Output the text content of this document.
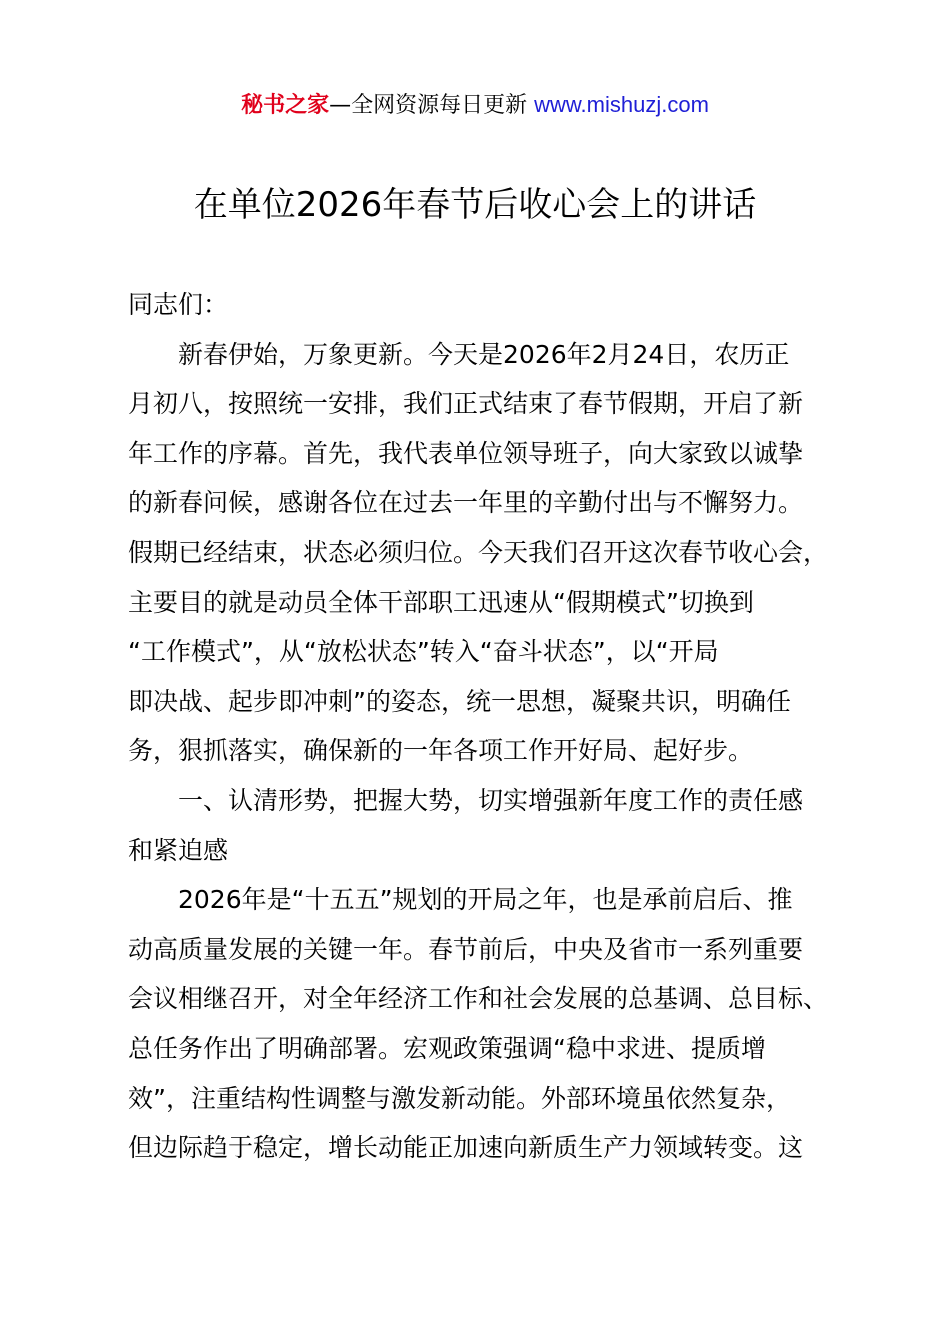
秘书之家—全网资源每日更新 www.mishuzj.com
在单位2026年春节后收心会上的讲话
同志们：
新春伊始，万象更新。今天是2026年2月24日，农历正
月初八，按照统一安排，我们正式结束了春节假期，开启了新
年工作的序幕。首先，我代表单位领导班子，向大家致以诚挚
的新春问候，感谢各位在过去一年里的辛勤付出与不懈努力。
假期已经结束，状态必须归位。今天我们召开这次春节收心会，
主要目的就是动员全体干部职工迅速从“假期模式”切换到
“工作模式”，从“放松状态”转入“奋斗状态”，以“开局
即决战、起步即冲刺”的姿态，统一思想，凝聚共识，明确任
务，狠抓落实，确保新的一年各项工作开好局、起好步。
一、认清形势，把握大势，切实增强新年度工作的责任感
和紧迫感
2026年是“十五五”规划的开局之年，也是承前启后、推
动高质量发展的关键一年。春节前后，中央及省市一系列重要
会议相继召开，对全年经济工作和社会发展的总基调、总目标、
总任务作出了明确部署。宏观政策强调“稳中求进、提质增
效”，注重结构性调整与激发新动能。外部环境虽依然复杂，
但边际趋于稳定，增长动能正加速向新质生产力领域转变。这
